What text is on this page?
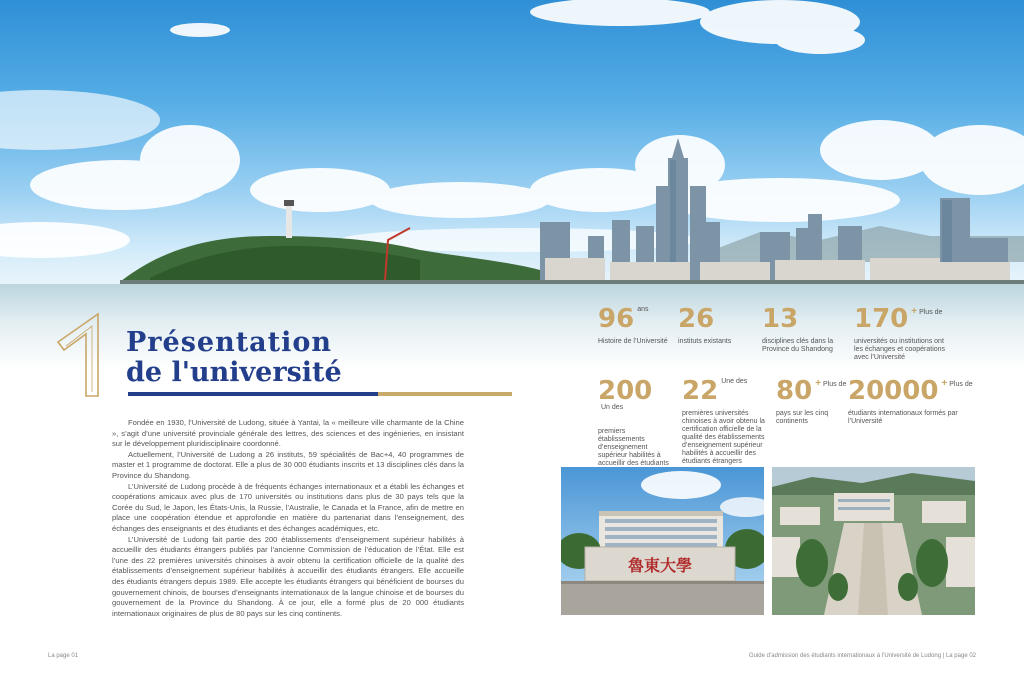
Présentation
de l'université

Fondée en 1930, l’Université de Ludong, située à Yantai, la « meilleure ville charmante de la Chine », s’agit d’une université provinciale générale des lettres, des sciences et des ingénieries, en insistant sur le développement pluridisciplinaire coordonné.

Actuellement, l’Université de Ludong a 26 instituts, 59 spécialités de Bac+4, 40 programmes de master et 1 programme de doctorat. Elle a plus de 30 000 étudiants inscrits et 13 disciplines clés dans la Province du Shandong.

L’Université de Ludong procède à de fréquents échanges internationaux et a établi les échanges et coopérations amicaux avec plus de 170 universités ou institutions dans plus de 30 pays tels que la Corée du Sud, le Japon, les États-Unis, la Russie, l’Australie, le Canada et la France, afin de mettre en place une coopération étendue et approfondie en matière du partenariat dans l’enseignement, des échanges des enseignants et des étudiants et des échanges académiques, etc.

L’Université de Ludong fait partie des 200 établissements d’enseignement supérieur habilités à accueillir des étudiants étrangers publiés par l’ancienne Commission de l’éducation de l’État. Elle est l’une des 22 premières universités chinoises à avoir obtenu la certification officielle de la qualité des établissements d’enseignement supérieur habilités à accueillir des étudiants étrangers. Elle accueille des étudiants étrangers depuis 1989. Elle accepte les étudiants étrangers qui bénéficient de bourses du gouvernement chinois, de bourses d’enseignants internationaux de la langue chinoise et de bourses du gouvernement de la Province du Shandong. À ce jour, elle a formé plus de 20 000 étudiants internationaux originaires de plus de 80 pays sur les cinq continents.

96 ans
Histoire de l’Université
26
instituts existants
13
disciplines clés dans la Province du Shandong
170 + Plus de
universités ou institutions ont les échanges et coopérations avec l’Université
200Un des
premiers établissements d’enseignement supérieur habilités à accueillir des étudiants
22 Une des
premières universités chinoises à avoir obtenu la certification officielle de la qualité des établissements d’enseignement supérieur habilités à accueillir des étudiants étrangers
80 + Plus de
pays sur les cinq continents
20000 + Plus de
étudiants internationaux formés par l’Université
魯東大學
La page 01	Guide d’admission des étudiants internationaux à l’Université de Ludong | La page 02
